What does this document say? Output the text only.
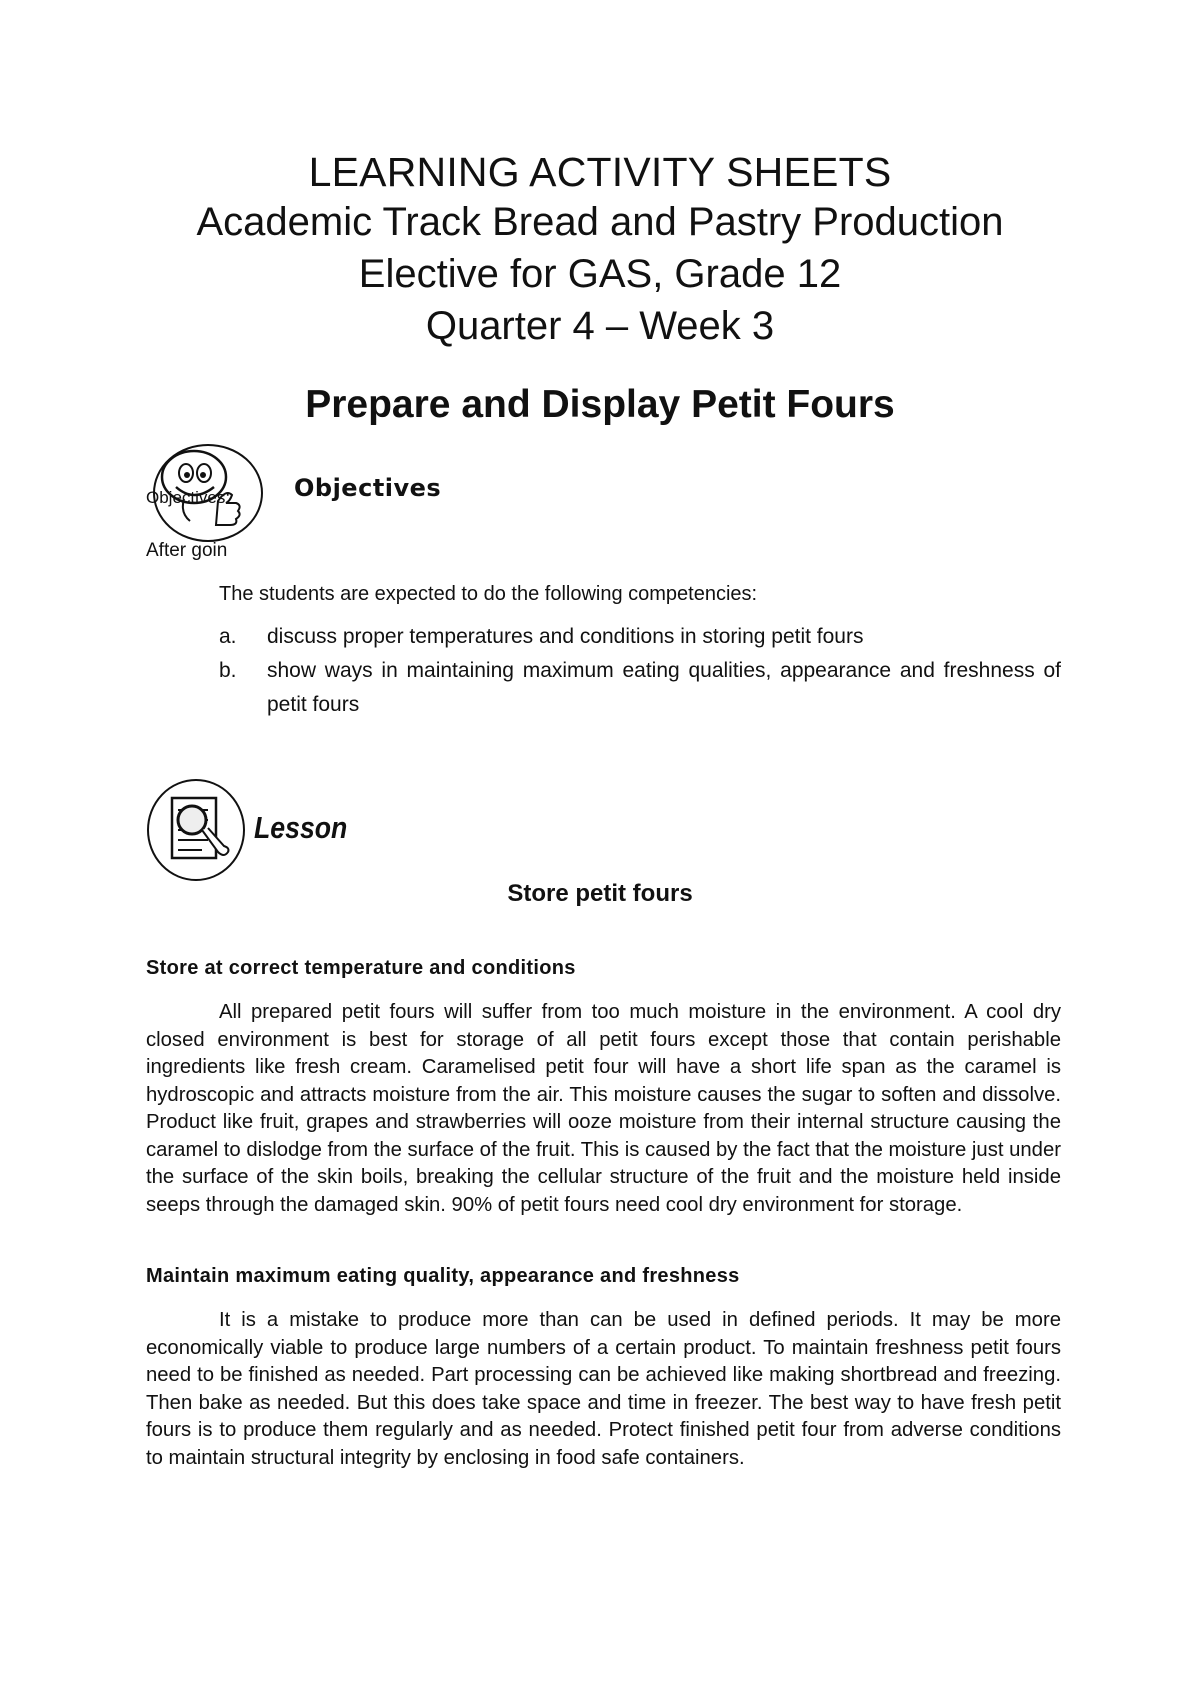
LEARNING ACTIVITY SHEETS
Academic Track Bread and Pastry Production
Elective for GAS, Grade 12
Quarter 4 – Week 3
Prepare and Display Petit Fours
Objectives:	Objectives
After goin
The students are expected to do the following competencies:
a.	discuss proper temperatures and conditions in storing petit fours
b.	show ways in maintaining maximum eating qualities, appearance and freshness of petit fours
Lesson
Store petit fours
Store at correct temperature and conditions
All prepared petit fours will suffer from too much moisture in the environment. A cool dry closed environment is best for storage of all petit fours except those that contain perishable ingredients like fresh cream. Caramelised petit four will have a short life span as the caramel is hydroscopic and attracts moisture from the air. This moisture causes the sugar to soften and dissolve. Product like fruit, grapes and strawberries will ooze moisture from their internal structure causing the caramel to dislodge from the surface of the fruit. This is caused by the fact that the moisture just under the surface of the skin boils, breaking the cellular structure of the fruit and the moisture held inside seeps through the damaged skin. 90% of petit fours need cool dry environment for storage.
Maintain maximum eating quality, appearance and freshness
It is a mistake to produce more than can be used in defined periods. It may be more economically viable to produce large numbers of a certain product. To maintain freshness petit fours need to be finished as needed. Part processing can be achieved like making shortbread and freezing. Then bake as needed. But this does take space and time in freezer. The best way to have fresh petit fours is to produce them regularly and as needed. Protect finished petit four from adverse conditions to maintain structural integrity by enclosing in food safe containers.
